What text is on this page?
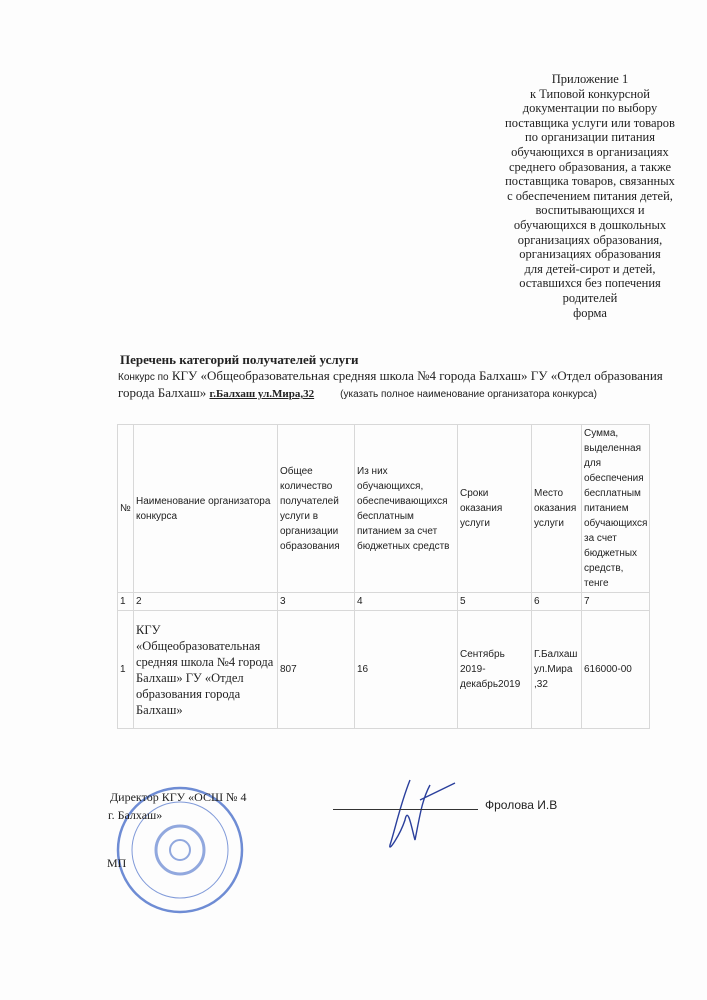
Приложение 1
к Типовой конкурсной
документации по выбору
поставщика услуги или товаров
по организации питания
обучающихся в организациях
среднего образования, а также
поставщика товаров, связанных
с обеспечением питания детей,
воспитывающихся и
обучающихся в дошкольных
организациях образования,
организациях образования
для детей-сирот и детей,
оставшихся без попечения
родителей
форма
Перечень категорий получателей услуги
Конкурс по КГУ «Общеобразовательная средняя школа №4 города Балхаш» ГУ «Отдел образования города Балхаш» г.Балхаш ул.Мира,32	(указать полное наименование организатора конкурса)
№	Наименование организатора конкурса	Общее количество получателей услуги в организации образования	Из них обучающихся, обеспечивающихся бесплатным питанием за счет бюджетных средств	Сроки оказания услуги	Место оказания услуги	Сумма, выделенная для обеспечения бесплатным питанием обучающихся за счет бюджетных средств, тенге
1	2	3	4	5	6	7
1	КГУ «Общеобразовательная средняя школа №4 города Балхаш» ГУ «Отдел образования города Балхаш»	807	16	Сентябрь 2019-декабрь2019	Г.Балхаш ул.Мира ,32	616000-00
Директор КГУ «ОСШ № 4
г. Балхаш»
Фролова И.В
МП
